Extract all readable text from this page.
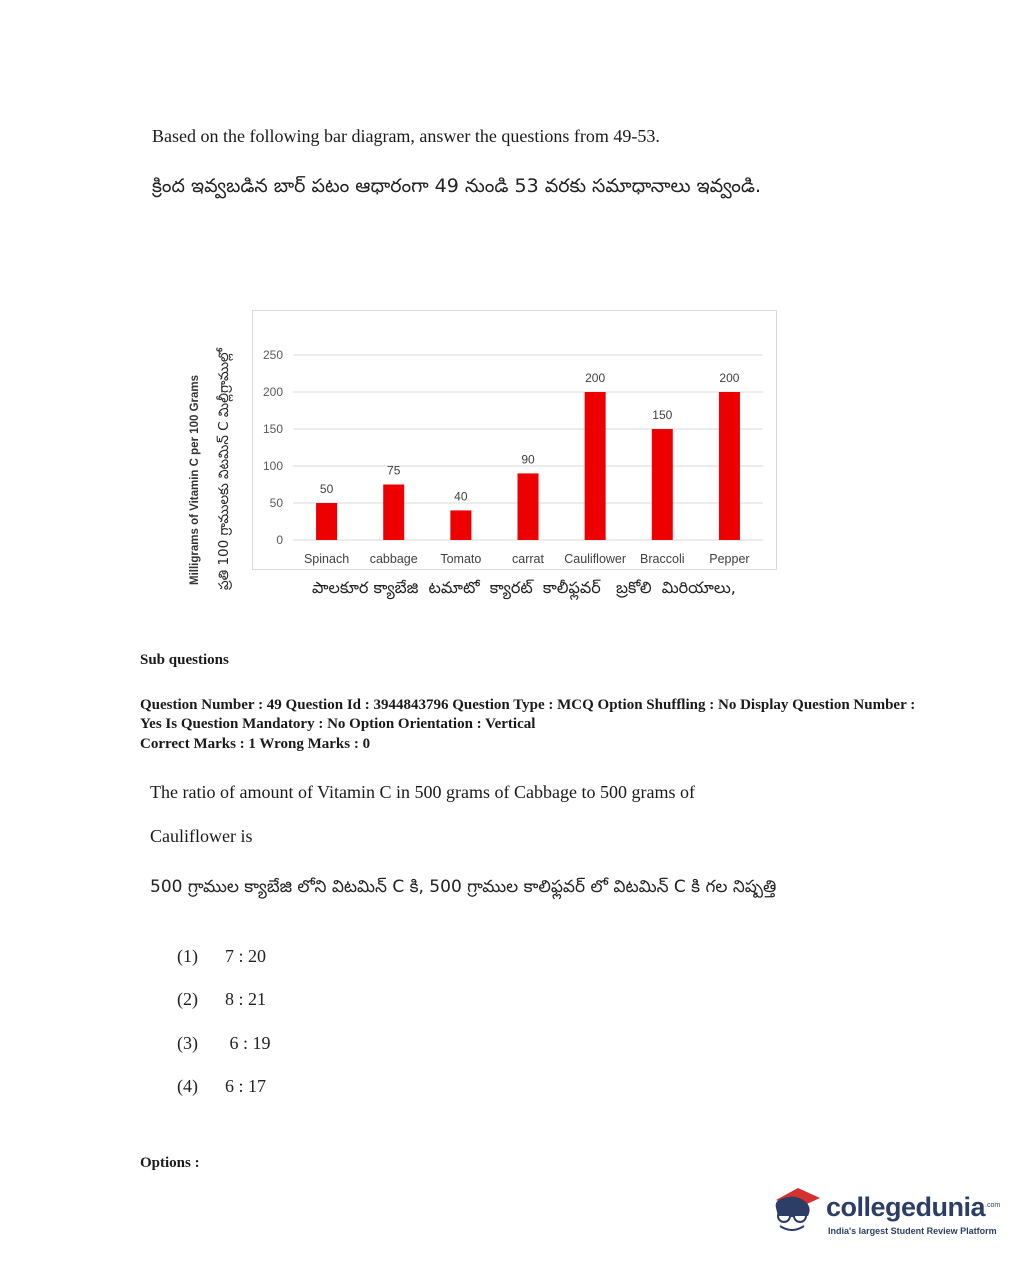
Based on the following bar diagram, answer the questions from 49-53.
క్రింద ఇవ్వబడిన బార్ పటం ఆధారంగా 49 నుండి 53 వరకు సమాధానాలు ఇవ్వండి.
Milligrams of Vitamin C per 100 Grams ప్రతి 100 గ్రాములకు విటమిన్ C మిల్లీగ్రాముల్లో	0
50
100
150
200
250
50
Spinach
75
cabbage
40
Tomato
90
carrat
200
Cauliflower
150
Braccoli
200
Pepper
పాలకూర క్యాబేజి  టమాటో  క్యారట్  కాలీఫ్లవర్   బ్రకోలి  మిరియాలు,
Sub questions
Question Number : 49 Question Id : 3944843796 Question Type : MCQ Option Shuffling : No Display Question Number : Yes Is Question Mandatory : No Option Orientation : Vertical
Correct Marks : 1 Wrong Marks : 0
The ratio of amount of Vitamin C in 500 grams of Cabbage to 500 grams of
Cauliflower is
500 గ్రాముల క్యాబేజి లోని విటమిన్ C కి, 500 గ్రాముల కాలిఫ్లవర్ లో విటమిన్ C కి గల నిష్పత్తి
(1) 7 : 20
(2) 8 : 21
(3) 6 : 19
(4) 6 : 17
Options :
collegedunia .com
India's largest Student Review Platform
